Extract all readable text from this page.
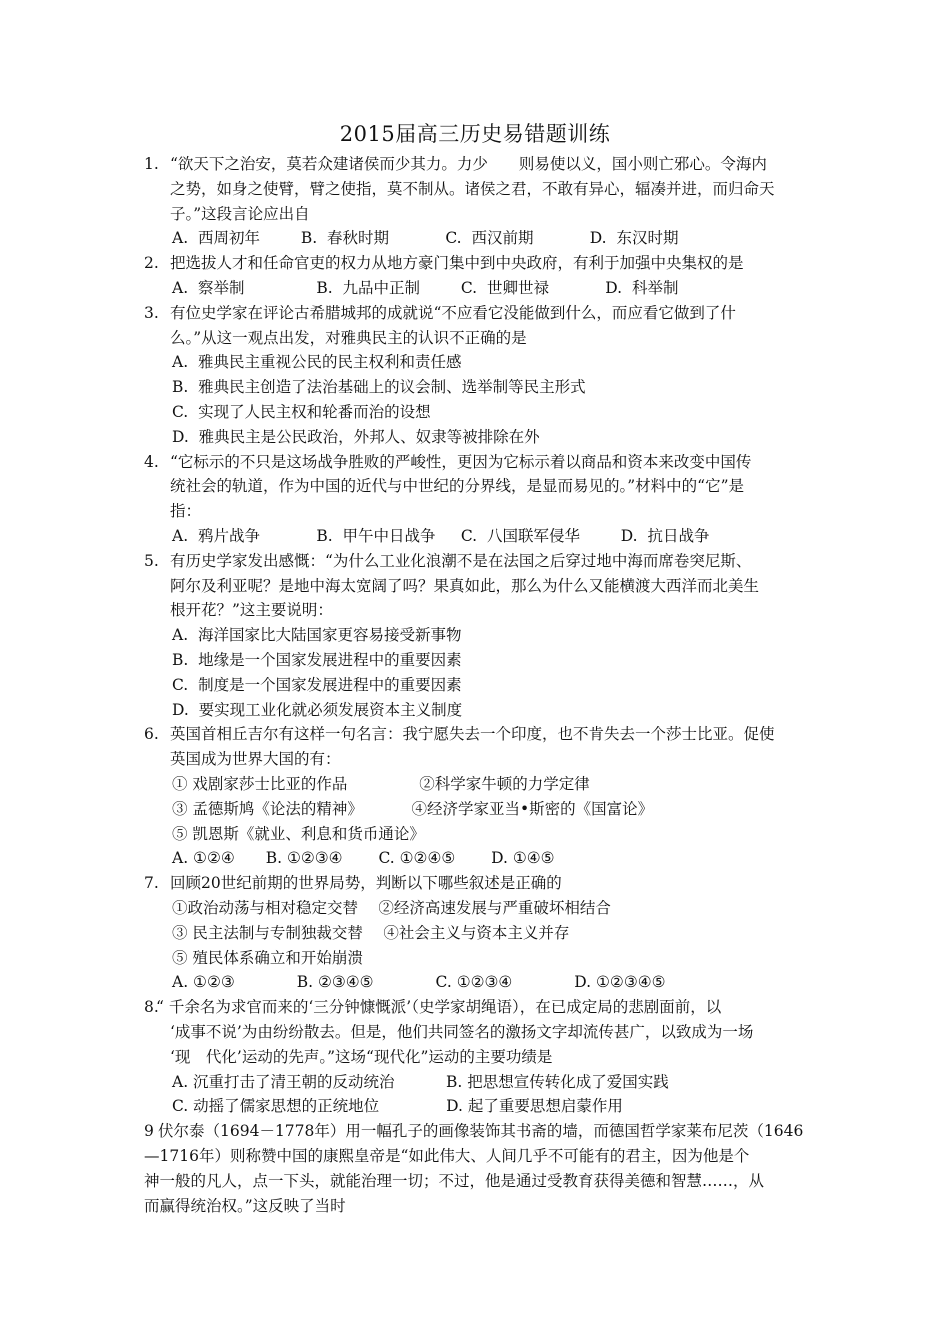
2015届高三历史易错题训练
1. “欲天下之治安，莫若众建诸侯而少其力。力少　　则易使以义，国小则亡邪心。令海内
之势，如身之使臂，臂之使指，莫不制从。诸侯之君，不敢有异心，辐凑并进，而归命天
子。”这段言论应出自
A.  西周初年　　  B.  春秋时期　　　  C.  西汉前期　　　  D.  东汉时期
2. 把选拔人才和任命官吏的权力从地方豪门集中到中央政府，有利于加强中央集权的是
A.  察举制　　　　  B.  九品中正制　　  C.  世卿世禄　　　  D.  科举制
3. 有位史学家在评论古希腊城邦的成就说“不应看它没能做到什么，而应看它做到了什
么。”从这一观点出发，对雅典民主的认识不正确的是
A.  雅典民主重视公民的民主权利和责任感
B.  雅典民主创造了法治基础上的议会制、选举制等民主形式
C.  实现了人民主权和轮番而治的设想
D.  雅典民主是公民政治，外邦人、奴隶等被排除在外
4. “它标示的不只是这场战争胜败的严峻性，更因为它标示着以商品和资本来改变中国传
统社会的轨道，作为中国的近代与中世纪的分界线，是显而易见的。”材料中的“它”是
指：
A.  鸦片战争　　　  B.  甲午中日战争　  C.  八国联军侵华　　  D.  抗日战争
5. 有历史学家发出感慨：“为什么工业化浪潮不是在法国之后穿过地中海而席卷突尼斯、
阿尔及利亚呢？是地中海太宽阔了吗？果真如此，那么为什么又能横渡大西洋而北美生
根开花？”这主要说明：
A.  海洋国家比大陆国家更容易接受新事物
B.  地缘是一个国家发展进程中的重要因素
C.  制度是一个国家发展进程中的重要因素
D.  要实现工业化就必须发展资本主义制度
6. 英国首相丘吉尔有这样一句名言：我宁愿失去一个印度，也不肯失去一个莎士比亚。促使
英国成为世界大国的有：
① 戏剧家莎士比亚的作品　　　　  ②科学家牛顿的力学定律
③ 孟德斯鸠《论法的精神》　　　  ④经济学家亚当•斯密的《国富论》
⑤ 凯恩斯《就业、利息和货币通论》
A. ①②④　　B. ①②③④　　 C. ①②④⑤　　 D. ①④⑤
7. 回顾20世纪前期的世界局势，判断以下哪些叙述是正确的
①政治动荡与相对稳定交替　 ②经济高速发展与严重破坏相结合
③ 民主法制与专制独裁交替　 ④社会主义与资本主义并存
⑤ 殖民体系确立和开始崩溃
A. ①②③　　　　B. ②③④⑤　　　　C. ①②③④　　　　D. ①②③④⑤
8.
“ 千余名为求官而来的‘三分钟慷慨派’（史学家胡绳语），在已成定局的悲剧面前，以
‘成事不说’为由纷纷散去。但是，他们共同签名的激扬文字却流传甚广，以致成为一场
‘现　代化’运动的先声。”这场“现代化”运动的主要功绩是
A. 沉重打击了清王朝的反动统治　　　 B. 把思想宣传转化成了爱国实践
C. 动摇了儒家思想的正统地位　　　　 D. 起了重要思想启蒙作用
9 伏尔泰（1694－1778年）用一幅孔子的画像装饰其书斋的墙，而德国哲学家莱布尼茨（1646
—1716年）则称赞中国的康熙皇帝是“如此伟大、人间几乎不可能有的君主，因为他是个
神一般的凡人，点一下头，就能治理一切；不过，他是通过受教育获得美德和智慧……，从
而赢得统治权。”这反映了当时
